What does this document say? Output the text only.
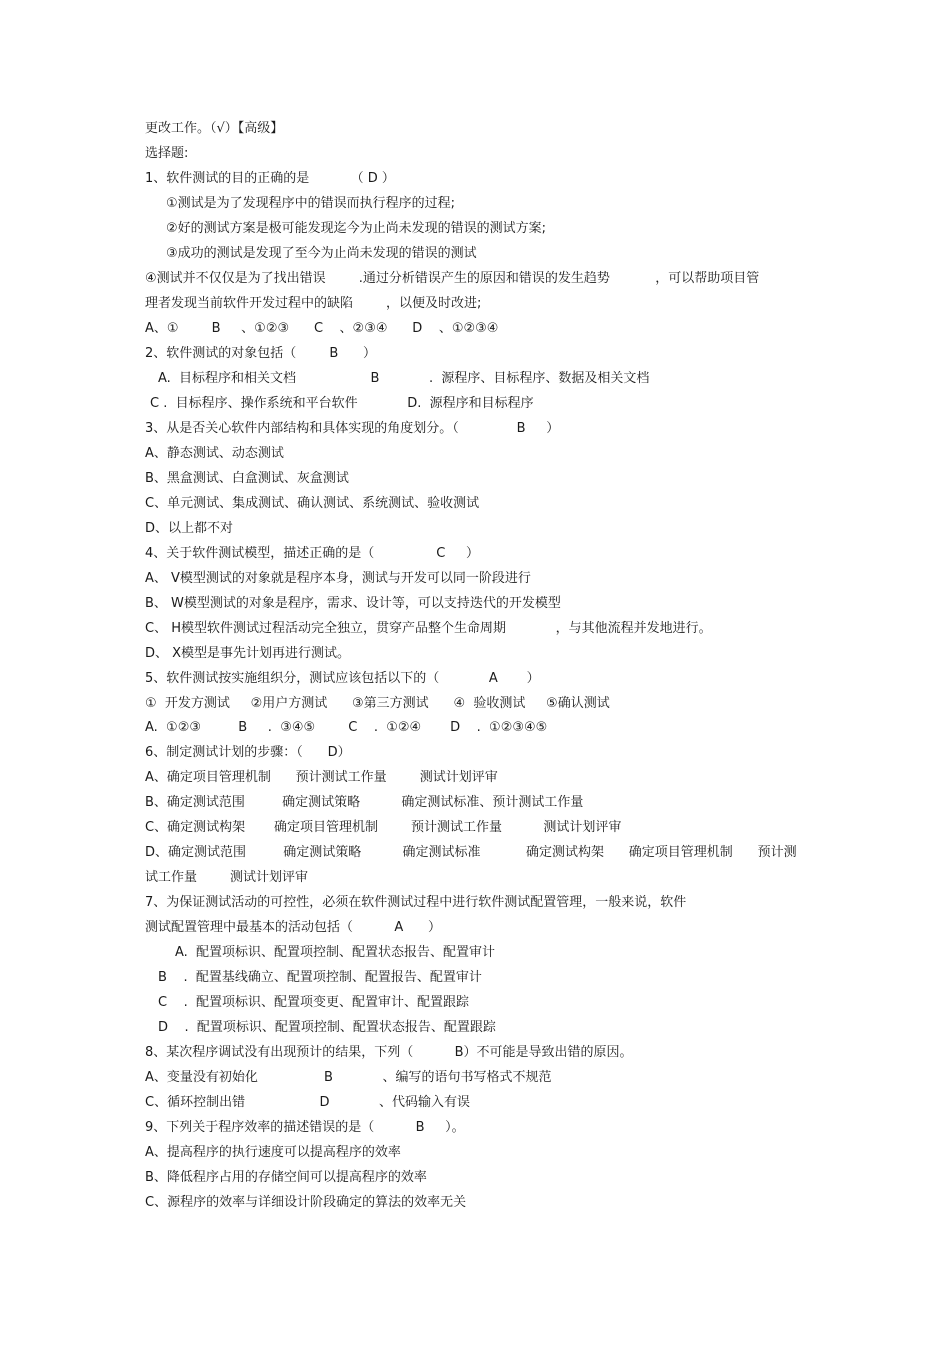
更改工作。（√）【高级】
选择题:
1、软件测试的目的正确的是          （ D ）
①测试是为了发现程序中的错误而执行程序的过程;
②好的测试方案是极可能发现迄今为止尚未发现的错误的测试方案;
③成功的测试是发现了至今为止尚未发现的错误的测试
④测试并不仅仅是为了找出错误        .通过分析错误产生的原因和错误的发生趋势           ，可以帮助项目管
理者发现当前软件开发过程中的缺陷        ，以便及时改进;
A、①        B     、①②③      C    、②③④      D    、①②③④
2、软件测试的对象包括（        B      ）
A.  目标程序和相关文档                  B            .  源程序、目标程序、数据及相关文档
C .  目标程序、操作系统和平台软件            D.  源程序和目标程序
3、从是否关心软件内部结构和具体实现的角度划分。（              B     ）
A、静态测试、动态测试
B、黑盒测试、白盒测试、灰盒测试
C、单元测试、集成测试、确认测试、系统测试、验收测试
D、以上都不对
4、关于软件测试模型，描述正确的是（               C     ）
A、 V模型测试的对象就是程序本身，测试与开发可以同一阶段进行
B、 W模型测试的对象是程序，需求、设计等，可以支持迭代的开发模型
C、 H模型软件测试过程活动完全独立，贯穿产品整个生命周期            ，与其他流程并发地进行。
D、 X模型是事先计划再进行测试。
5、软件测试按实施组织分，测试应该包括以下的（            A       ）
①  开发方测试     ②用户方测试      ③第三方测试      ④  验收测试     ⑤确认测试
A.  ①②③         B     .  ③④⑤        C    .  ①②④       D    .  ①②③④⑤
6、制定测试计划的步骤：（      D）
A、确定项目管理机制      预计测试工作量        测试计划评审
B、确定测试范围         确定测试策略          确定测试标准、预计测试工作量
C、确定测试构架       确定项目管理机制        预计测试工作量          测试计划评审
D、确定测试范围         确定测试策略          确定测试标准           确定测试构架      确定项目管理机制      预计测
试工作量        测试计划评审
7、为保证测试活动的可控性，必须在软件测试过程中进行软件测试配置管理，一般来说，软件
测试配置管理中最基本的活动包括（          A      ）
A.  配置项标识、配置项控制、配置状态报告、配置审计
B    .  配置基线确立、配置项控制、配置报告、配置审计
C    .  配置项标识、配置项变更、配置审计、配置跟踪
D    .  配置项标识、配置项控制、配置状态报告、配置跟踪
8、某次程序调试没有出现预计的结果，下列（          B）不可能是导致出错的原因。
A、变量没有初始化                B            、编写的语句书写格式不规范
C、循环控制出错                  D            、代码输入有误
9、下列关于程序效率的描述错误的是（          B     ）。
A、提高程序的执行速度可以提高程序的效率
B、降低程序占用的存储空间可以提高程序的效率
C、源程序的效率与详细设计阶段确定的算法的效率无关
